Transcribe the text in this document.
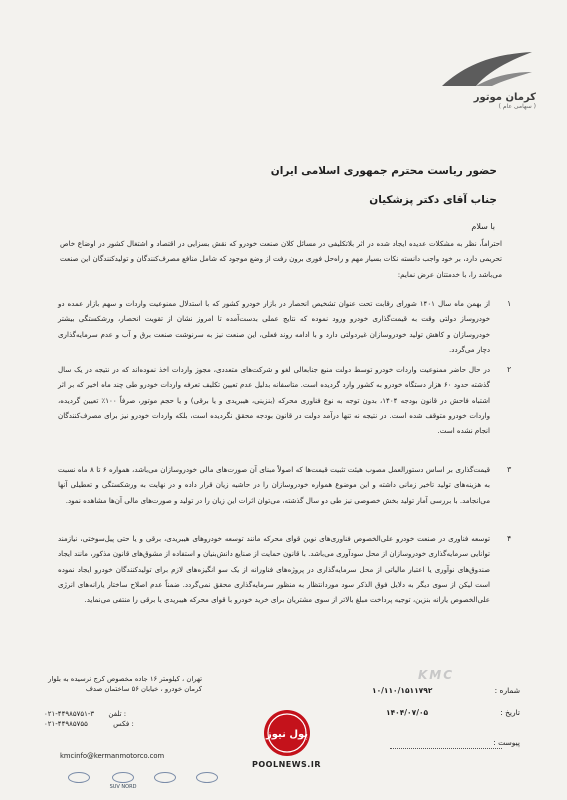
کرمان موتور
( سهامی عام )
حضور ریاست محترم جمهوری اسلامی ایران
جناب آقای دکتر پزشکیان
با سلام
احتراماً، نظر به مشکلات عدیده ایجاد شده در اثر بلاتکلیفی در مسائل کلان صنعت خودرو که نقش بسزایی در اقتصاد و اشتغال کشور در اوضاع خاص تحریمی دارد، بر خود واجب دانسته نکات بسیار مهم و راه‌حل فوری برون رفت از وضع موجود که شامل منافع مصرف‌کنندگان و تولیدکنندگان این صنعت می‌باشد را، با خدمتتان عرض نمایم:
۱
از بهمن ماه سال ۱۴۰۱ شورای رقابت تحت عنوان تشخیص انحصار در بازار خودرو کشور که با استدلال ممنوعیت واردات و سهم بازار عمده دو خودروساز دولتی وقت به قیمت‌گذاری خودرو ورود نموده که نتایج عملی بدست‌آمده تا امروز نشان از تقویت انحصار، ورشکستگی بیشتر خودروسازان و کاهش تولید خودروسازان غیردولتی دارد و با ادامه روند فعلی، این صنعت نیز به سرنوشت صنعت برق و آب و عدم سرمایه‌گذاری دچار می‌گردد.
۲
در حال حاضر ممنوعیت واردات خودرو توسط دولت منبع جنابعالی لغو و شرکت‌های متعددی، مجوز واردات اخذ نموده‌اند که در نتیجه در یک سال گذشته حدود ۶۰ هزار دستگاه خودرو به کشور وارد گردیده است. متاسفانه بدلیل عدم تعیین تکلیف تعرفه واردات خودرو طی چند ماه اخیر که بر اثر اشتباه فاحش در قانون بودجه ۱۴۰۴، بدون توجه به نوع فناوری محرکه (بنزینی، هیبریدی و یا برقی) و یا حجم موتور، صرفاً ۱۰۰٪ تعیین گردیده، واردات خودرو متوقف شده است. در نتیجه نه تنها درآمد دولت در قانون بودجه محقق نگردیده است، بلکه واردات خودرو نیز برای مصرف‌کنندگان انجام نشده است.
۳
قیمت‌گذاری بر اساس دستورالعمل مصوب هیئت تثبیت قیمت‌ها که اصولاً مبنای آن صورت‌های مالی خودروسازان می‌باشد، همواره ۶ تا ۸ ماه نسبت به هزینه‌های تولید تاخیر زمانی داشته و این موضوع همواره خودروسازان را در حاشیه زیان قرار داده و در نهایت به ورشکستگی و تعطیلی آنها می‌انجامد. با بررسی آمار تولید بخش خصوصی نیز طی دو سال گذشته، می‌توان اثرات این زیان را در تولید و صورت‌های مالی آن‌ها مشاهده نمود.
۴
توسعه فناوری در صنعت خودرو علی‌الخصوص فناوری‌های نوین قوای محرکه مانند توسعه خودروهای هیبریدی، برقی و یا حتی پیل‌سوختی، نیازمند توانایی سرمایه‌گذاری خودروسازان از محل سودآوری می‌باشد. با قانون حمایت از صنایع دانش‌بنیان و استفاده از مشوق‌های قانون مذکور، مانند ایجاد صندوق‌های نوآوری یا اعتبار مالیاتی از محل سرمایه‌گذاری در پروژه‌های فناورانه از یک سو انگیزه‌های لازم برای تولیدکنندگان خودرو ایجاد نموده است لیکن از سوی دیگر به دلایل فوق الذکر سود موردانتظار به منظور سرمایه‌گذاری محقق نمی‌گردد. ضمناً عدم اصلاح ساختار یارانه‌های انرژی علی‌الخصوص یارانه بنزین، توجیه پرداخت مبلغ بالاتر از سوی مشتریان برای خرید خودرو با قوای محرکه هیبریدی یا برقی را منتفی می‌نماید.
تهران ، کیلومتر ۱۶ جاده مخصوص کرج نرسیده به بلوار کرمان خودرو ، خیابان ۵۶ ساختمان صدف
۰۲۱-۴۴۹۸۵۷۵۱-۳ تلفن :
۰۲۱-۴۴۹۸۵۷۵۵	فکس :
kmcinfo@kermanmotorco.com
SUV NORD
KMC
۱۰/۱۱۰/۱۵۱۱۷۹۲	شماره :
۱۴۰۴/۰۷/۰۵	تاریخ :
پیوست :
پول نیوز
POOLNEWS.IR
